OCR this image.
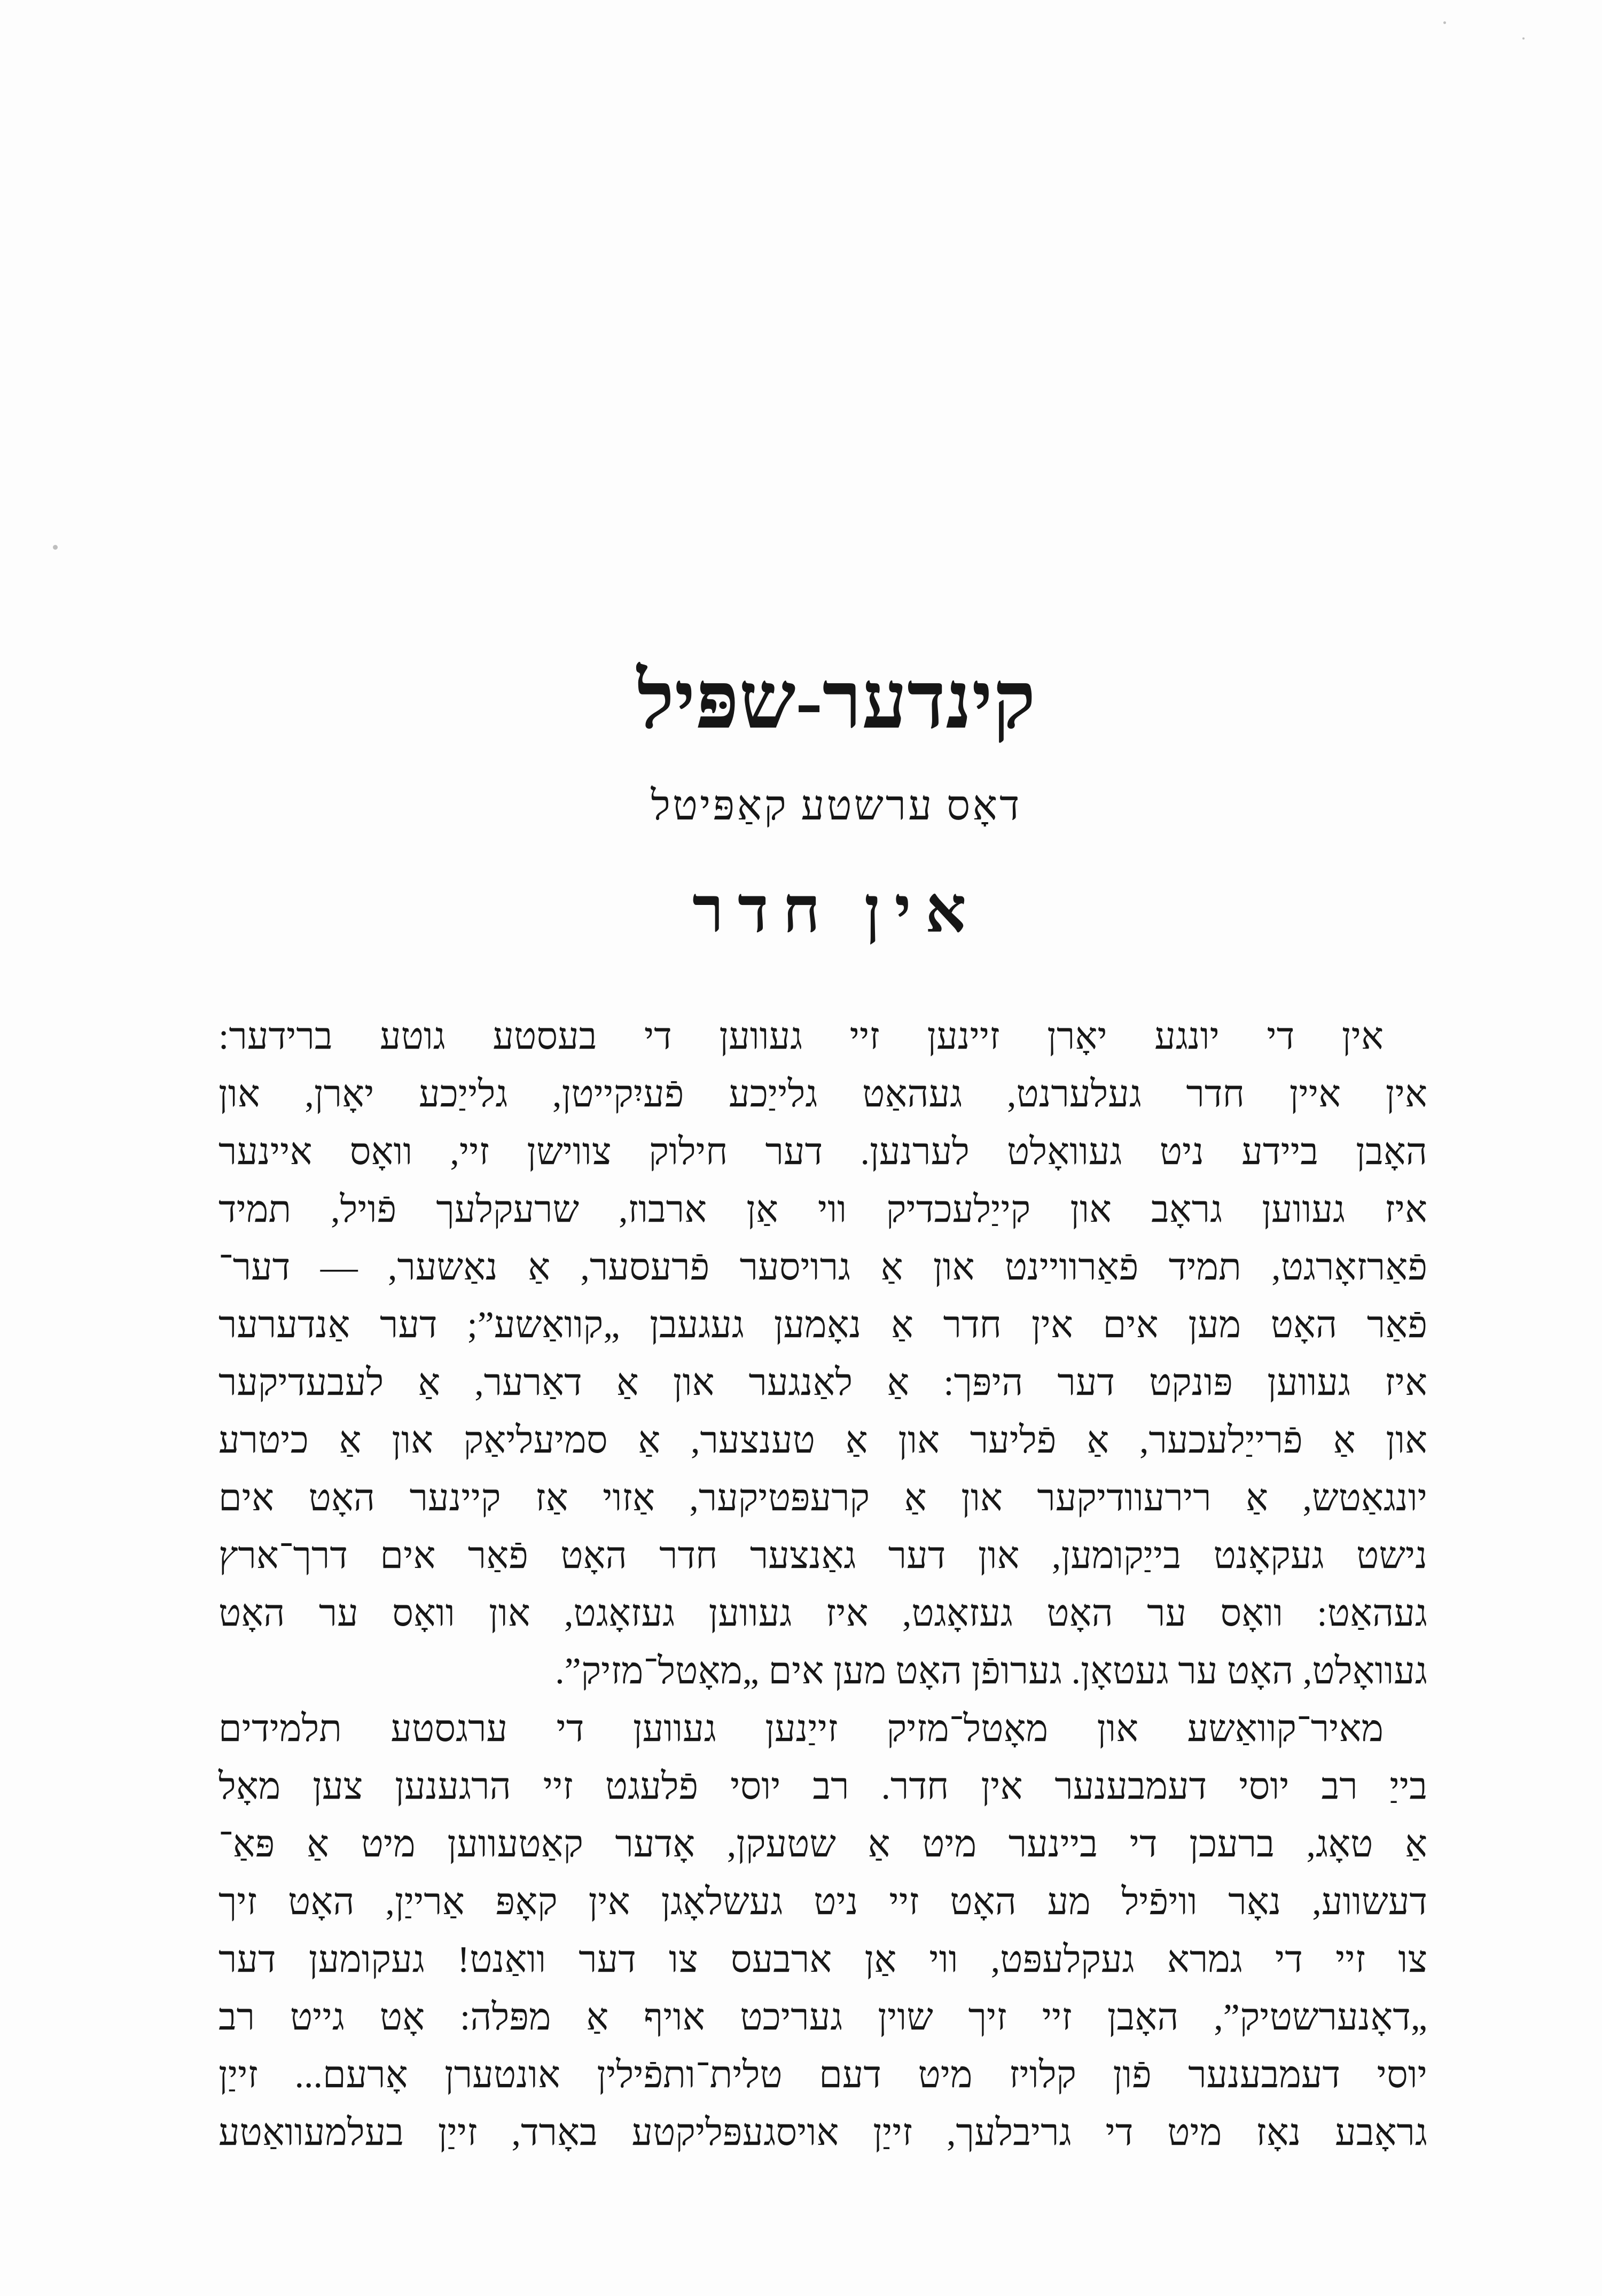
קינדער-שפּיל
דאָס ערשטע קאַפּיטל
אין חדר
אין די יונגע יאָרן זיינען זיי געווען די בעסטע גוטע ברידער:
אין איין חדר געלערנט, געהאַט גלייַכע פֿעיִקייטן, גלייַכע יאָרן, און
האָבן ביידע ניט געוואָלט לערנען. דער חילוק צווישן זיי, וואָס איינער
איז געווען גראָב און קייַלעכדיק ווי אַן ארבוז, שרעקלעך פֿויל, תמיד
פֿאַרזאָרגט, תמיד פֿאַרוויינט און אַ גרויסער פֿרעסער, אַ נאַשער, — דער־
פֿאַר האָט מען אים אין חדר אַ נאָמען געגעבן „קוואַשע”; דער אַנדערער
איז געווען פּונקט דער היפּך: אַ לאַנגער און אַ דאַרער, אַ לעבעדיקער
און אַ פֿרייַלעכער, אַ פֿליער און אַ טענצער, אַ סמיעליאַק און אַ כיטרע
יונגאַטש, אַ רירעוודיקער און אַ קרעפּטיקער, אַזוי אַז קיינער האָט אים
נישט געקאָנט בייַקומען, און דער גאַנצער חדר האָט פֿאַר אים דרך־ארץ
געהאַט: וואָס ער האָט געזאָגט, איז געווען געזאָגט, און וואָס ער האָט
געוואָלט, האָט ער געטאָן. גערופֿן האָט מען אים „מאָטל־מזיק”.
מאיר־קוואַשע און מאָטל־מזיק זייַנען געווען די ערגסטע תלמידים
בייַ רב יוסי דעמבענער אין חדר. רב יוסי פֿלעגט זיי הרגענען צען מאָל
אַ טאָג, ברעכן די ביינער מיט אַ שטעקן, אָדער קאַטעווען מיט אַ פּאַ־
דעשווע, נאָר וויפֿיל מע האָט זיי ניט געשלאָגן אין קאָפּ אַרייַן, האָט זיך
צו זיי די גמרא געקלעפּט, ווי אַן ארבעס צו דער וואַנט! געקומען דער
„דאָנערשטיק”, האָבן זיי זיך שוין געריכט אויף אַ מפּלה: אָט גייט רב
יוסי דעמבענער פֿון קלויז מיט דעם טלית־ותפֿילין אונטערן אָרעם... זייַן
גראָבע נאָז מיט די גריבלעך, זייַן אויסגעפּליקטע באָרד, זייַן בעלמעוואַטע
